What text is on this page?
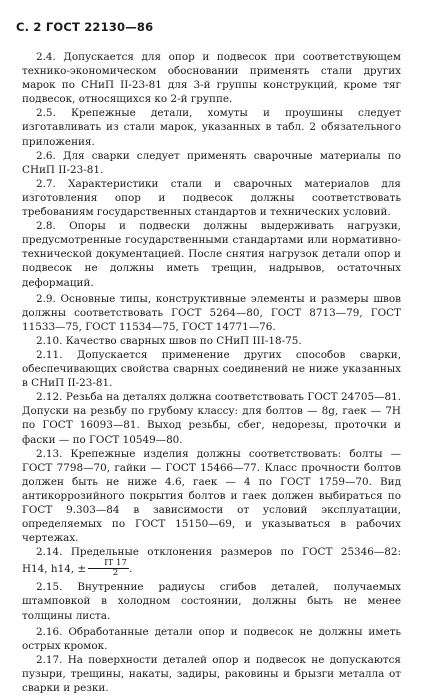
С. 2 ГОСТ 22130—86

2.4. Допускается для опор и подвесок при соответствующем технико-экономическом обосновании применять стали других марок по СНиП II-23-81 для 3-й группы конструкций, кроме тяг подвесок, относящихся ко 2-й группе.

2.5. Крепежные детали, хомуты и проушины следует изготавливать из стали марок, указанных в табл. 2 обязательного приложения.

2.6. Для сварки следует применять сварочные материалы по СНиП II-23-81.

2.7. Характеристики стали и сварочных материалов для изготовления опор и подвесок должны соответствовать требованиям государственных стандартов и технических условий.

2.8. Опоры и подвески должны выдерживать нагрузки, предусмотренные государственными стандартами или нормативно-технической документацией. После снятия нагрузок детали опор и подвесок не должны иметь трещин, надрывов, остаточных деформаций.

2.9. Основные типы, конструктивные элементы и размеры швов должны соответствовать ГОСТ 5264—80, ГОСТ 8713—79, ГОСТ 11533—75, ГОСТ 11534—75, ГОСТ 14771—76.

2.10. Качество сварных швов по СНиП III-18-75.

2.11. Допускается применение других способов сварки, обеспечивающих свойства сварных соединений не ниже указанных в СНиП II-23-81.

2.12. Резьба на деталях должна соответствовать ГОСТ 24705—81. Допуски на резьбу по грубому классу: для болтов — 8g, гаек — 7H по ГОСТ 16093—81. Выход резьбы, сбег, недорезы, проточки и фаски — по ГОСТ 10549—80.

2.13. Крепежные изделия должны соответствовать: болты — ГОСТ 7798—70, гайки — ГОСТ 15466—77. Класс прочности болтов должен быть не ниже 4.6, гаек — 4 по ГОСТ 1759—70. Вид антикоррозийного покрытия болтов и гаек должен выбираться по ГОСТ 9.303—84 в зависимости от условий эксплуатации, определяемых по ГОСТ 15150—69, и указываться в рабочих чертежах.

2.14. Предельные отклонения размеров по ГОСТ 25346—82: H14, h14, ± $\frac{IT 17}{2}$ .

2.15. Внутренние радиусы сгибов деталей, получаемых штамповкой в холодном состоянии, должны быть не менее толщины листа.

2.16. Обработанные детали опор и подвесок не должны иметь острых кромок.

2.17. На поверхности деталей опор и подвесок не допускаются пузыри, трещины, накаты, задиры, раковины и брызги металла от сварки и резки.
